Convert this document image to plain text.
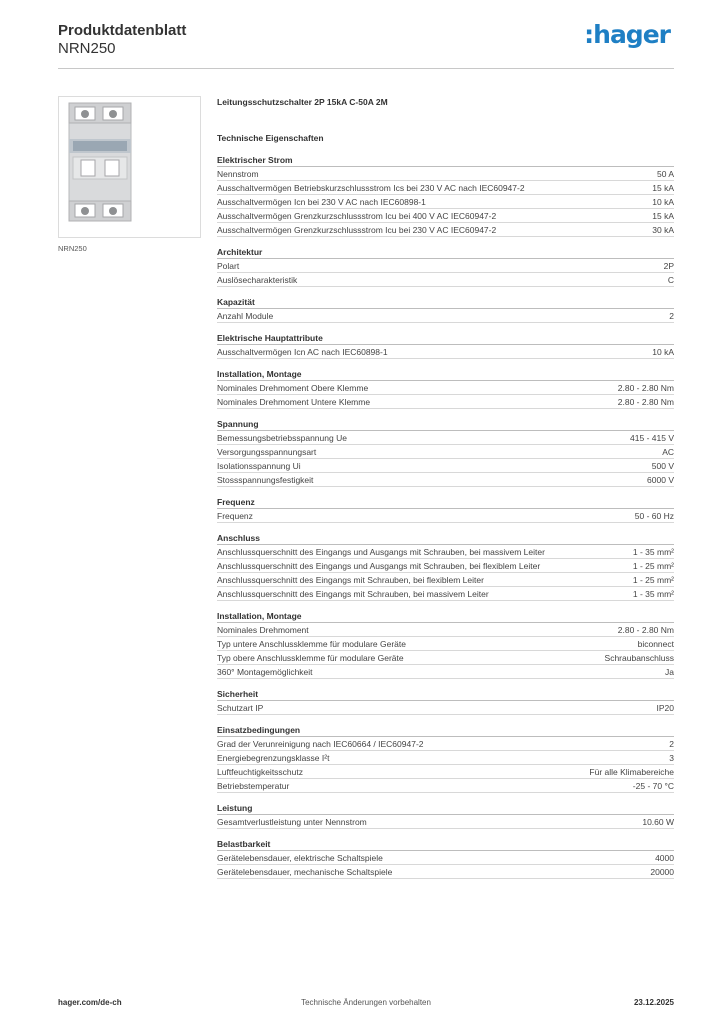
Produktdatenblatt
NRN250	:hager
NRN250
Leitungsschutzschalter 2P 15kA C-50A 2M
Technische Eigenschaften
Elektrischer Strom
Nennstrom	50 A
Ausschaltvermögen Betriebskurzschlussstrom Ics bei 230 V AC nach IEC60947-2	15 kA
Ausschaltvermögen Icn bei 230 V AC nach IEC60898-1	10 kA
Ausschaltvermögen Grenzkurzschlussstrom Icu bei 400 V AC IEC60947-2	15 kA
Ausschaltvermögen Grenzkurzschlussstrom Icu bei 230 V AC IEC60947-2	30 kA
Architektur
Polart	2P
Auslösecharakteristik	C
Kapazität
Anzahl Module	2
Elektrische Hauptattribute
Ausschaltvermögen Icn AC nach IEC60898-1	10 kA
Installation, Montage
Nominales Drehmoment Obere Klemme	2.80 - 2.80 Nm
Nominales Drehmoment Untere Klemme	2.80 - 2.80 Nm
Spannung
Bemessungsbetriebsspannung Ue	415 - 415 V
Versorgungsspannungsart	AC
Isolationsspannung Ui	500 V
Stossspannungsfestigkeit	6000 V
Frequenz
Frequenz	50 - 60 Hz
Anschluss
Anschlussquerschnitt des Eingangs und Ausgangs mit Schrauben, bei massivem Leiter	1 - 35 mm²
Anschlussquerschnitt des Eingangs und Ausgangs mit Schrauben, bei flexiblem Leiter	1 - 25 mm²
Anschlussquerschnitt des Eingangs mit Schrauben, bei flexiblem Leiter	1 - 25 mm²
Anschlussquerschnitt des Eingangs mit Schrauben, bei massivem Leiter	1 - 35 mm²
Installation, Montage
Nominales Drehmoment	2.80 - 2.80 Nm
Typ untere Anschlussklemme für modulare Geräte	biconnect
Typ obere Anschlussklemme für modulare Geräte	Schraubanschluss
360° Montagemöglichkeit	Ja
Sicherheit
Schutzart IP	IP20
Einsatzbedingungen
Grad der Verunreinigung nach IEC60664 / IEC60947-2	2
Energiebegrenzungsklasse I²t	3
Luftfeuchtigkeitsschutz	Für alle Klimabereiche
Betriebstemperatur	-25 - 70 °C
Leistung
Gesamtverlustleistung unter Nennstrom	10.60 W
Belastbarkeit
Gerätelebensdauer, elektrische Schaltspiele	4000
Gerätelebensdauer, mechanische Schaltspiele	20000
hager.com/de-ch	Technische Änderungen vorbehalten	23.12.2025
